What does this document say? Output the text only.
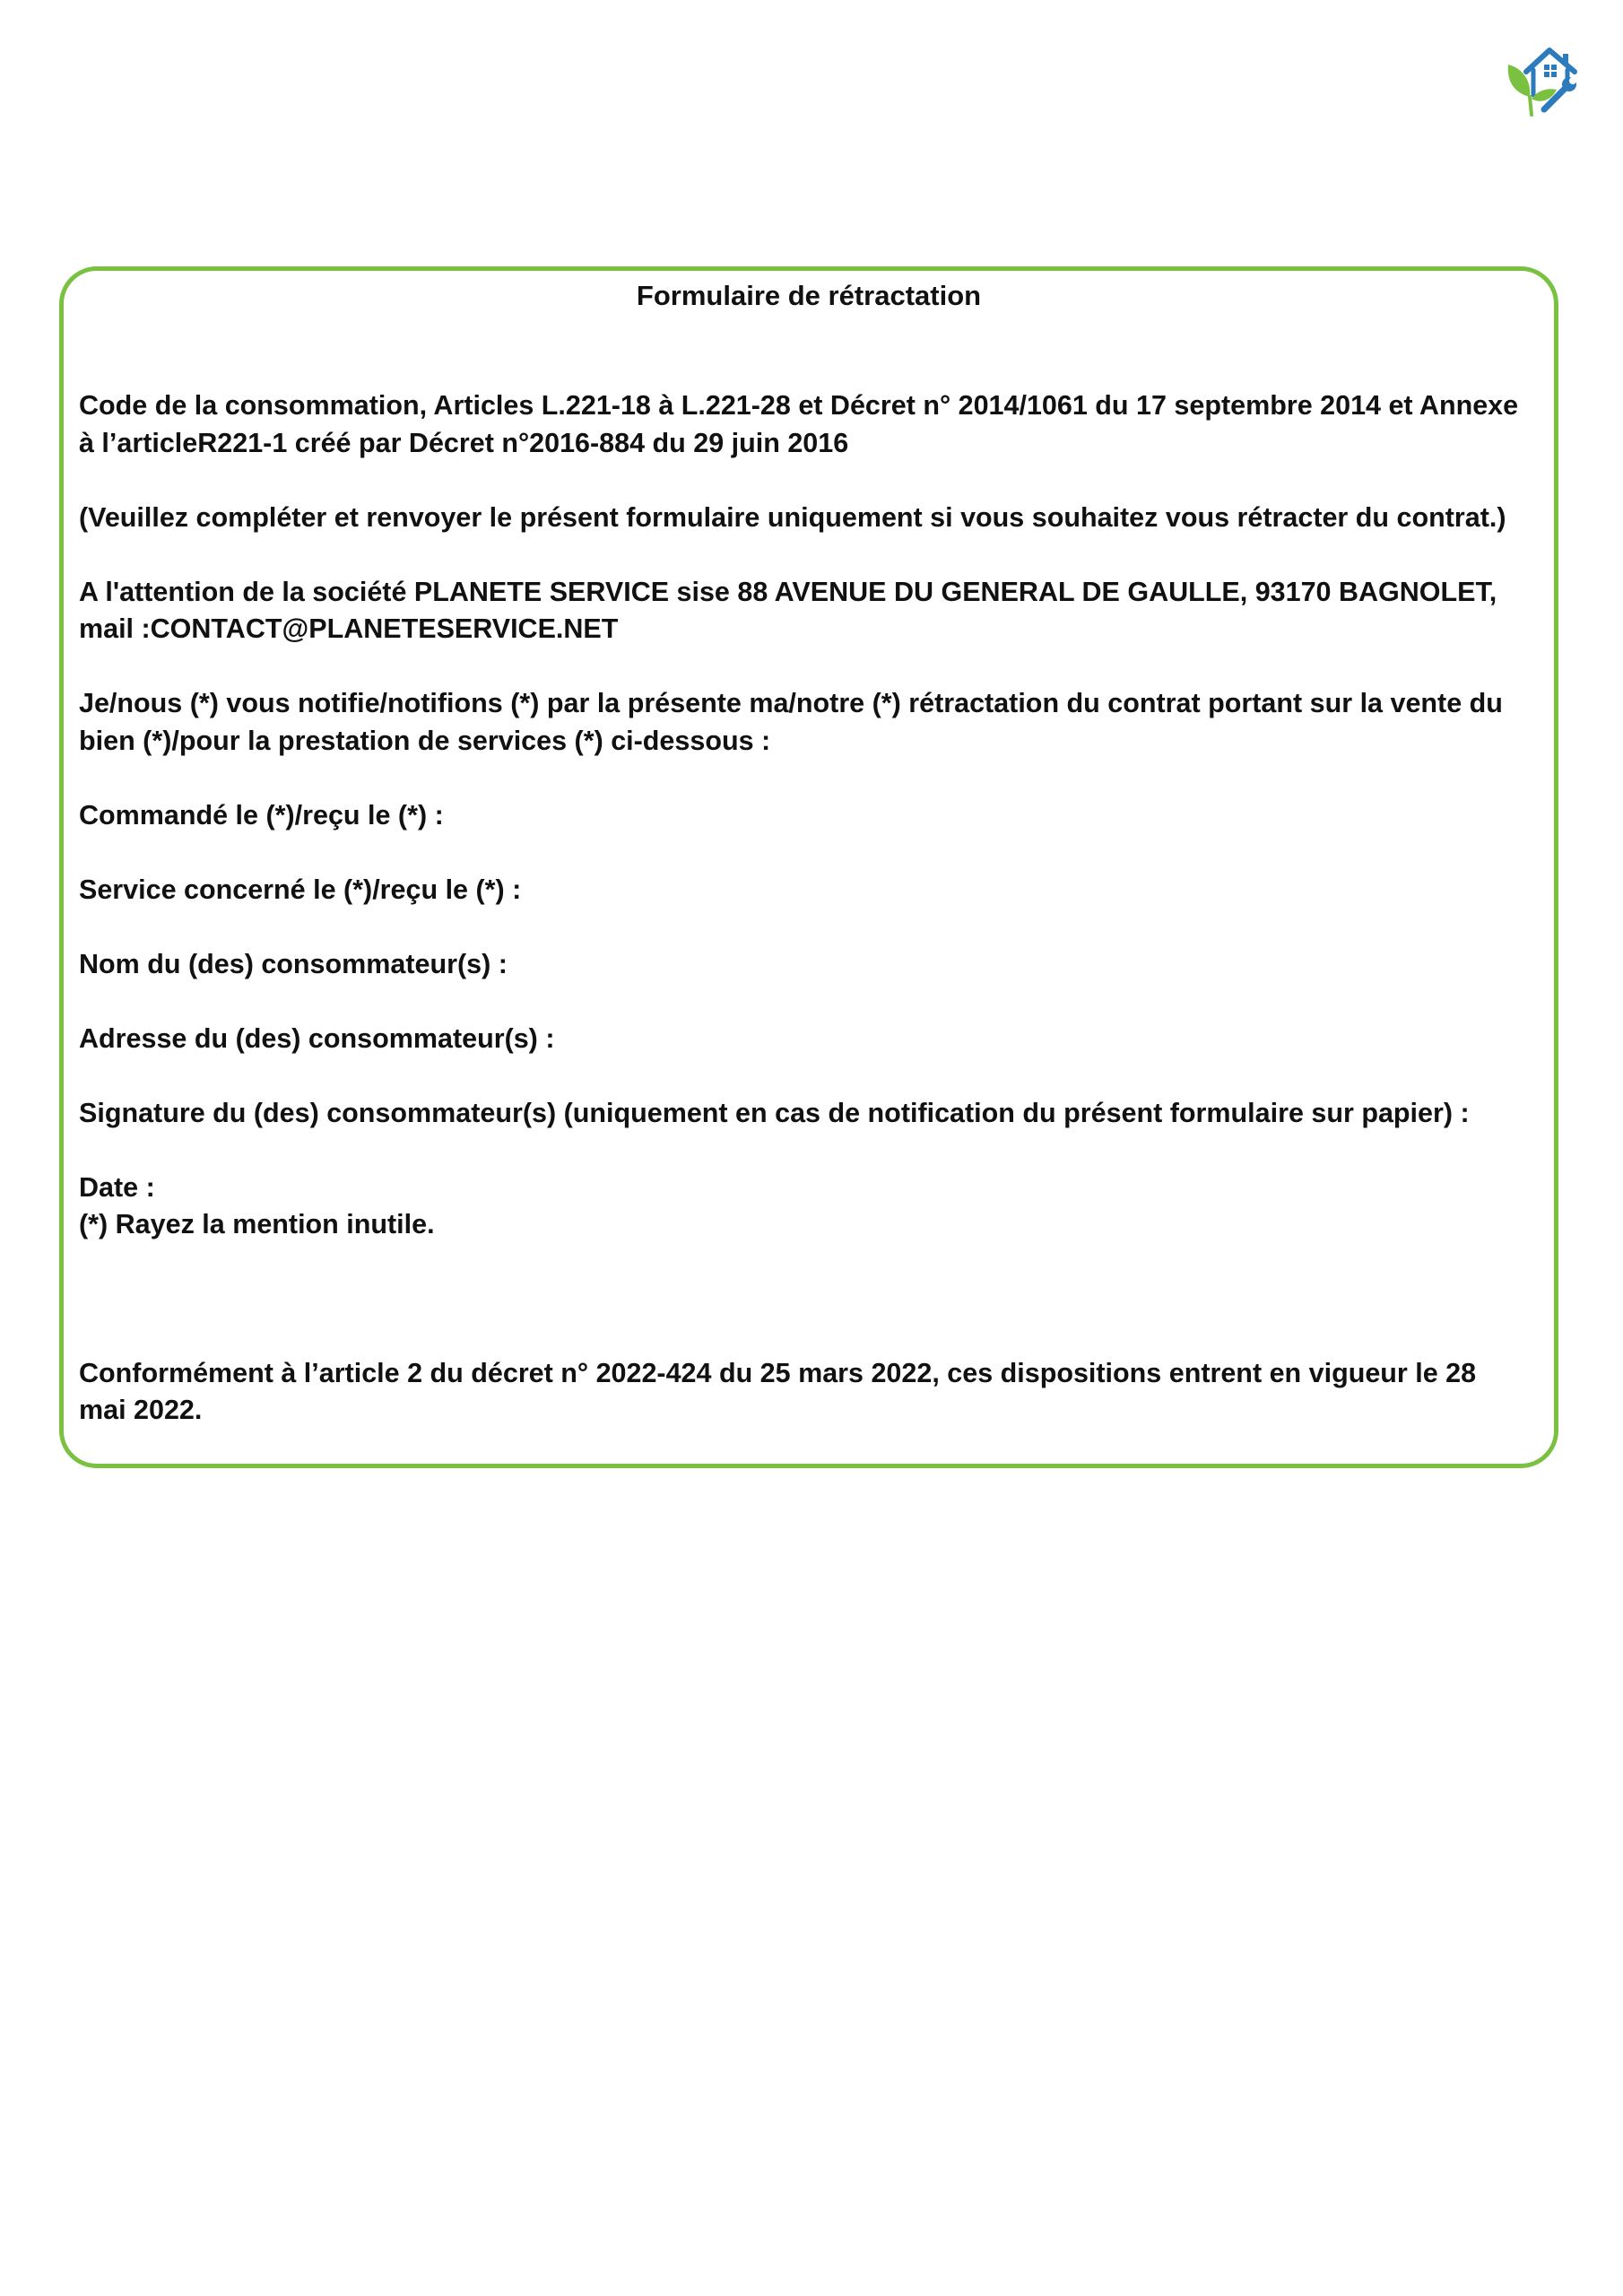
Formulaire de rétractation

Code de la consommation, Articles L.221-18 à L.221-28 et Décret n° 2014/1061 du 17 septembre 2014 et Annexe à l’articleR221-1 créé par Décret n°2016-884 du 29 juin 2016

(Veuillez compléter et renvoyer le présent formulaire uniquement si vous souhaitez vous rétracter du contrat.)

A l'attention de la société PLANETE SERVICE sise 88 AVENUE DU GENERAL DE GAULLE, 93170 BAGNOLET, mail :CONTACT@PLANETESERVICE.NET

Je/nous (*) vous notifie/notifions (*) par la présente ma/notre (*) rétractation du contrat portant sur la vente du bien (*)/pour la prestation de services (*) ci-dessous :

Commandé le (*)/reçu le (*) :

Service concerné le (*)/reçu le (*) :

Nom du (des) consommateur(s) :

Adresse du (des) consommateur(s) :

Signature du (des) consommateur(s) (uniquement en cas de notification du présent formulaire sur papier) :

Date :

(*) Rayez la mention inutile.

Conformément à l’article 2 du décret n° 2022-424 du 25 mars 2022, ces dispositions entrent en vigueur le 28 mai 2022.
